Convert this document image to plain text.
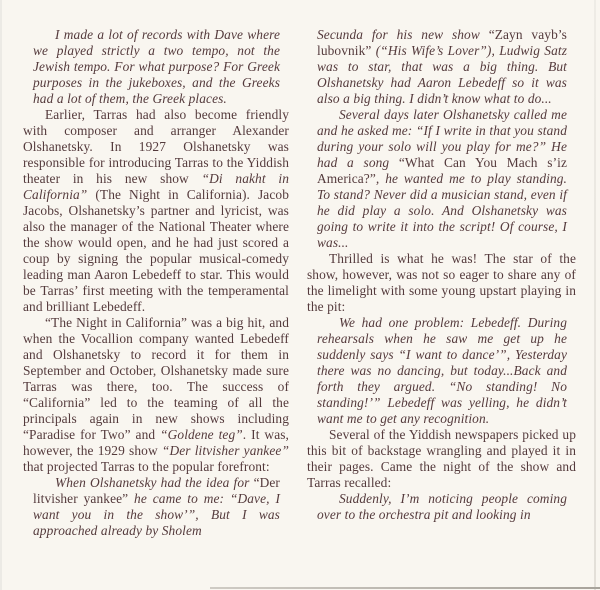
I made a lot of records with Dave where we played strictly a two tempo, not the Jewish tempo. For what purpose? For Greek purposes in the jukeboxes, and the Greeks had a lot of them, the Greek places.

Earlier, Tarras had also become friendly with composer and arranger Alexander Olshanetsky. In 1927 Olshanetsky was responsible for introducing Tarras to the Yiddish theater in his new show “Di nakht in California” (The Night in California). Jacob Jacobs, Olshanetsky’s partner and lyricist, was also the manager of the National Theater where the show would open, and he had just scored a coup by signing the popular musical-comedy leading man Aaron Lebedeff to star. This would be Tarras’ first meeting with the temperamental and brilliant Lebedeff.

“The Night in California” was a big hit, and when the Vocallion company wanted Lebedeff and Olshanetsky to record it for them in September and October, Olshanetsky made sure Tarras was there, too. The success of “California” led to the teaming of all the principals again in new shows including “Paradise for Two” and “Goldene teg”. It was, however, the 1929 show “Der litvisher yankee” that projected Tarras to the popular forefront:

When Olshanetsky had the idea for “Der litvisher yankee” he came to me: “Dave, I want you in the show’”, But I was approached already by Sholem

Secunda for his new show “Zayn vayb’s lubovnik” (“His Wife’s Lover”), Ludwig Satz was to star, that was a big thing. But Olshanetsky had Aaron Lebedeff so it was also a big thing. I didn’t know what to do...

Several days later Olshanetsky called me and he asked me: “If I write in that you stand during your solo will you play for me?” He had a song “What Can You Mach s’iz America?”, he wanted me to play standing. To stand? Never did a musician stand, even if he did play a solo. And Olshanetsky was going to write it into the script! Of course, I was...

Thrilled is what he was! The star of the show, however, was not so eager to share any of the limelight with some young upstart playing in the pit:

We had one problem: Lebedeff. During rehearsals when he saw me get up he suddenly says “I want to dance’”, Yesterday there was no dancing, but today...Back and forth they argued. “No standing! No standing!’” Lebedeff was yelling, he didn’t want me to get any recognition.

Several of the Yiddish newspapers picked up this bit of backstage wrangling and played it in their pages. Came the night of the show and Tarras recalled:

Suddenly, I’m noticing people coming over to the orchestra pit and looking in
